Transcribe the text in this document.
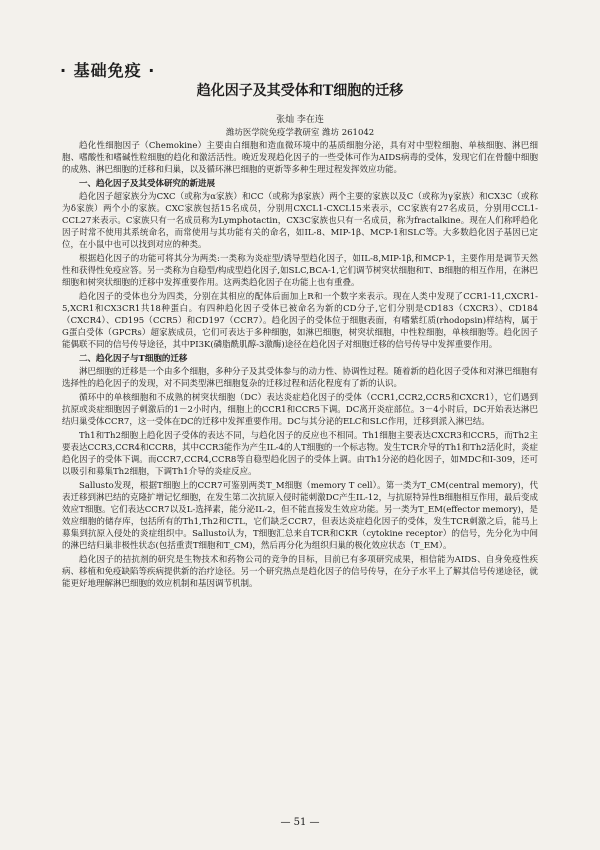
· 基础免疫 ·
趋化因子及其受体和T细胞的迁移
张灿 李在连
潍坊医学院免疫学教研室 潍坊 261042

趋化性细胞因子（Chemokine）主要由白细胞和造血微环境中的基质细胞分泌，具有对中型粒细胞、单核细胞、淋巴细胞、嗜酸性和嗜碱性粒细胞的趋化和激活活性。晚近发现趋化因子的一些受体可作为AIDS病毒的受体，发现它们在骨髓中细胞的成熟、淋巴细胞的迁移和归巢，以及循环淋巴细胞的更新等多种生理过程发挥效应功能。

一、趋化因子及其受体研究的新进展

趋化因子超家族分为CXC（或称为α家族）和CC（或称为β家族）两个主要的家族以及C（或称为γ家族）和CX3C（或称为δ家族）两个小的家族。CXC家族包括15名成员，分别用CXCL1-CXCL15来表示，CC家族有27名成员，分别用CCL1-CCL27来表示。C家族只有一名成员称为Lymphotactin，CX3C家族也只有一名成员，称为fractalkine。现在人们称呼趋化因子时常不使用其系统命名，而常使用与其功能有关的命名，如IL-8、MIP-1β、MCP-1和SLC等。大多数趋化因子基因已定位，在小鼠中也可以找到对应的种类。

根据趋化因子的功能可将其分为两类:一类称为炎症型/诱导型趋化因子，如IL-8,MIP-1β,和MCP-1，主要作用是调节天然性和获得性免疫应答。另一类称为自稳型/构成型趋化因子,如SLC,BCA-1,它们调节树突状细胞和T、B细胞的相互作用，在淋巴细胞和树突状细胞的迁移中发挥重要作用。这两类趋化因子在功能上也有重叠。

趋化因子的受体也分为四类，分别在其相应的配体后面加上R和一个数字来表示。现在人类中发现了CCR1-11,CXCR1-5,XCR1和CX3CR1共18种蛋白。有四种趋化因子受体已被命名为新的CD分子,它们分别是CD183（CXCR3）、CD184（CXCR4）、CD195（CCR5）和CD197（CCR7）。趋化因子的受体位于细胞表面，有嗜紫红质(rhodopsin)样结构，属于G蛋白受体（GPCRs）超家族成员，它们可表达于多种细胞，如淋巴细胞，树突状细胞，中性粒细胞，单核细胞等。趋化因子能偶联不同的信号传导途径，其中PI3K(磷脂酰肌醇-3激酶)途径在趋化因子对细胞迁移的信号传导中发挥重要作用。

二、趋化因子与T细胞的迁移

淋巴细胞的迁移是一个由多个细胞，多种分子及其受体参与的动力性、协调性过程。随着新的趋化因子受体和对淋巴细胞有选择性的趋化因子的发现，对不同类型淋巴细胞复杂的迁移过程和活化程度有了新的认识。

循环中的单核细胞和不成熟的树突状细胞（DC）表达炎症趋化因子的受体（CCR1,CCR2,CCR5和CXCR1），它们遇到抗原或炎症细胞因子刺激后的1－2小时内，细胞上的CCR1和CCR5下调。DC离开炎症部位。3－4小时后，DC开始表达淋巴结归巢受体CCR7，这一受体在DC的迁移中发挥重要作用。DC与其分泌的ELC和SLC作用，迁移到派入淋巴结。

Th1和Th2细胞上趋化因子受体的表达不同，与趋化因子的反应也不相同。Th1细胞主要表达CXCR3和CCR5，而Th2主要表达CCR3,CCR4和CCR8，其中CCR3能作为产生IL-4的人T细胞的一个标志物。发生TCR介导的Th1和Th2活化时，炎症趋化因子的受体下调。而CCR7,CCR4,CCR8等自稳型趋化因子的受体上调。由Th1分泌的趋化因子，如MDC和I-309，还可以吸引和募集Th2细胞，下调Th1介导的炎症反应。

Sallusto发现，根据T细胞上的CCR7可鉴别两类T_M细胞（memory T cell）。第一类为T_CM(central memory)，代表迁移到淋巴结的克隆扩增记忆细胞，在发生第二次抗原入侵时能刺激DC产生IL-12，与抗原特异性B细胞相互作用，最后变成效应T细胞。它们表达CCR7以及L-选择素，能分泌IL-2，但不能直接发生效应功能。另一类为T_EM(effector memory)，是效应细胞的储存库，包括所有的Th1,Th2和CTL，它们缺乏CCR7，但表达炎症趋化因子的受体，发生TCR刺激之后，能马上募集到抗原入侵处的炎症组织中。Sallusto认为，T细胞汇总来自TCR和CKR（cytokine receptor）的信号，先分化为中间的淋巴结归巢非极性状态(包括重责T细胞和T_CM)，然后再分化为组织归巢的极化效应状态（T_EM）。

趋化因子的拮抗剂的研究是生物技术和药物公司的竞争的目标，目前已有多项研究成果，相信能为AIDS、自身免疫性疾病、移植和免疫缺陷等疾病提供新的治疗途径。另一个研究热点是趋化因子的信号传导，在分子水平上了解其信号传递途径，就能更好地理解淋巴细胞的效应机制和基因调节机制。

— 51 —
